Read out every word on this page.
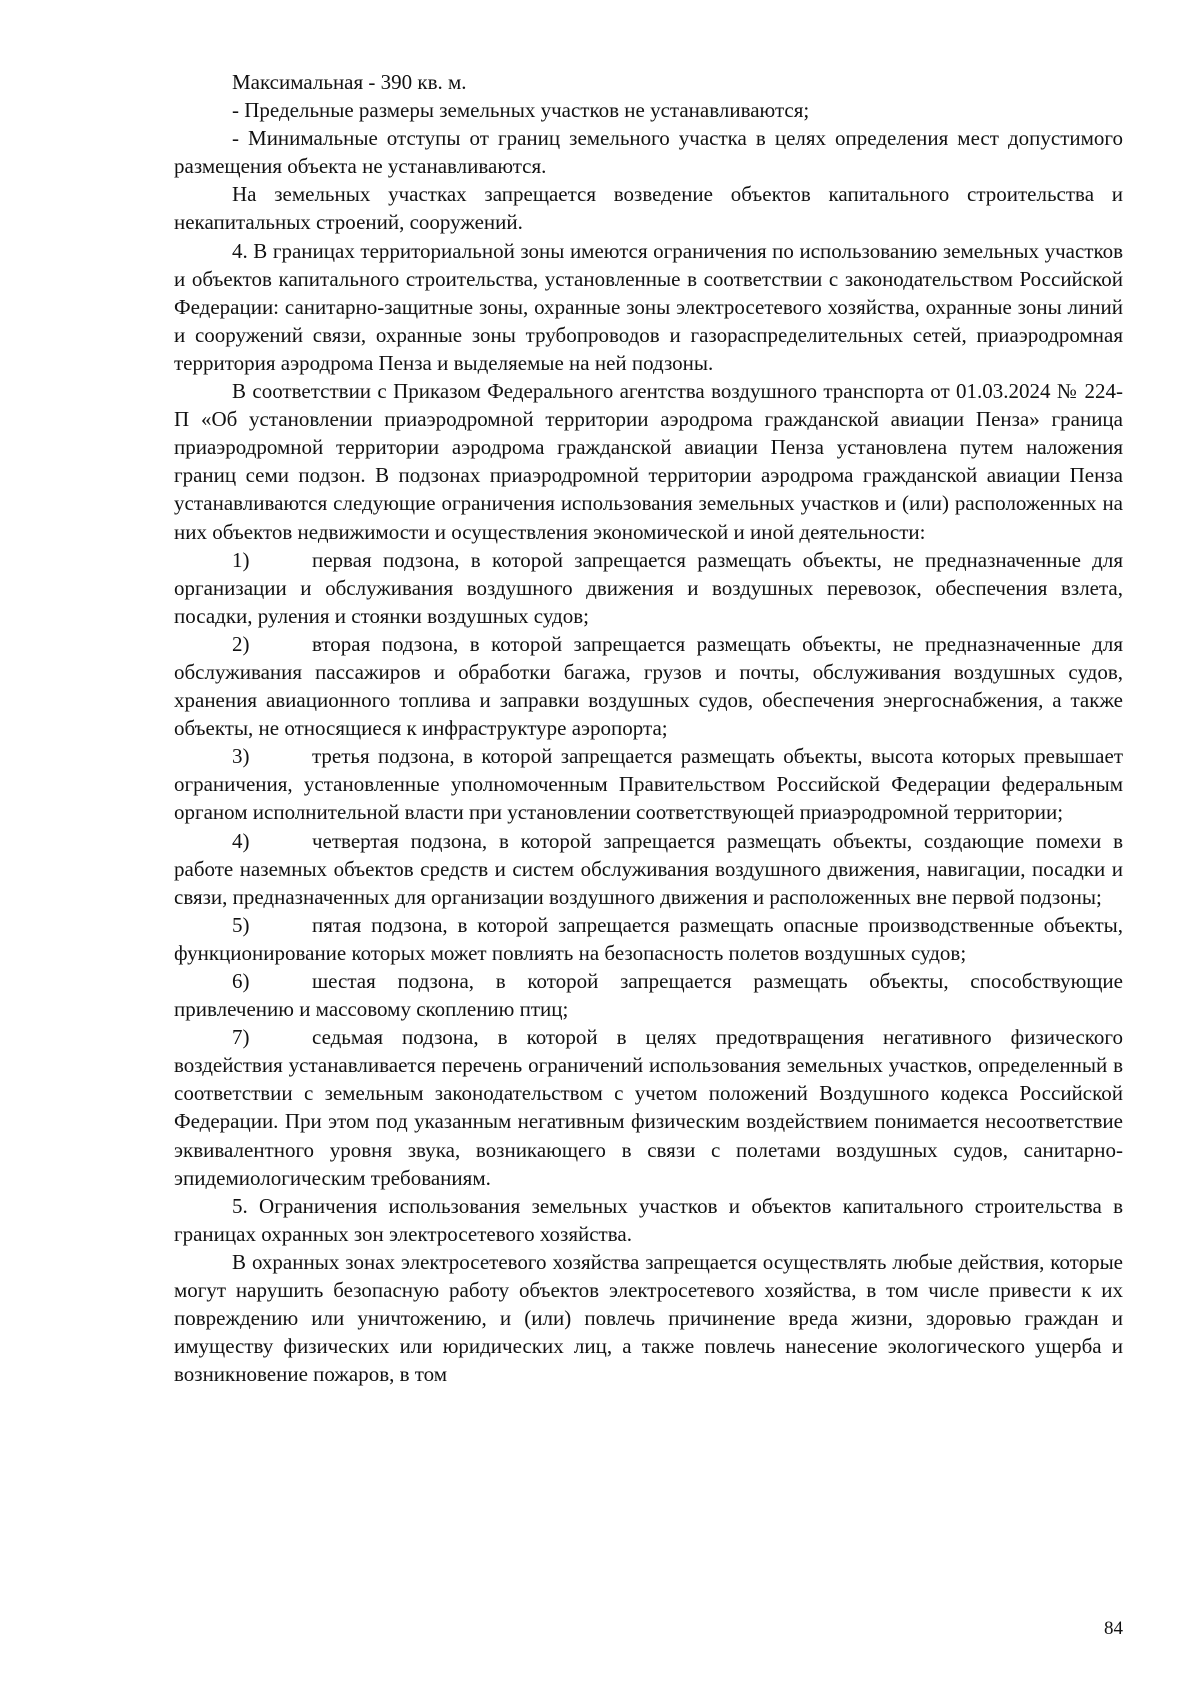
Максимальная - 390 кв. м.

- Предельные размеры земельных участков не устанавливаются;

- Минимальные отступы от границ земельного участка в целях определения мест допустимого размещения объекта не устанавливаются.

На земельных участках запрещается возведение объектов капитального строительства и некапитальных строений, сооружений.

4. В границах территориальной зоны имеются ограничения по использованию земельных участков и объектов капитального строительства, установленные в соответствии с законодательством Российской Федерации: санитарно-защитные зоны, охранные зоны электросетевого хозяйства, охранные зоны линий и сооружений связи, охранные зоны трубопроводов и газораспределительных сетей, приаэродромная территория аэродрома Пенза и выделяемые на ней подзоны.

В соответствии с Приказом Федерального агентства воздушного транспорта от 01.03.2024 № 224-П «Об установлении приаэродромной территории аэродрома гражданской авиации Пенза» граница приаэродромной территории аэродрома гражданской авиации Пенза установлена путем наложения границ семи подзон. В подзонах приаэродромной территории аэродрома гражданской авиации Пенза устанавливаются следующие ограничения использования земельных участков и (или) расположенных на них объектов недвижимости и осуществления экономической и иной деятельности:

1)	первая подзона, в которой запрещается размещать объекты, не предназначенные для организации и обслуживания воздушного движения и воздушных перевозок, обеспечения взлета, посадки, руления и стоянки воздушных судов;

2)	вторая подзона, в которой запрещается размещать объекты, не предназначенные для обслуживания пассажиров и обработки багажа, грузов и почты, обслуживания воздушных судов, хранения авиационного топлива и заправки воздушных судов, обеспечения энергоснабжения, а также объекты, не относящиеся к инфраструктуре аэропорта;

3)	третья подзона, в которой запрещается размещать объекты, высота которых превышает ограничения, установленные уполномоченным Правительством Российской Федерации федеральным органом исполнительной власти при установлении соответствующей приаэродромной территории;

4)	четвертая подзона, в которой запрещается размещать объекты, создающие помехи в работе наземных объектов средств и систем обслуживания воздушного движения, навигации, посадки и связи, предназначенных для организации воздушного движения и расположенных вне первой подзоны;

5)	пятая подзона, в которой запрещается размещать опасные производственные объекты, функционирование которых может повлиять на безопасность полетов воздушных судов;

6)	шестая подзона, в которой запрещается размещать объекты, способствующие привлечению и массовому скоплению птиц;

7)	седьмая подзона, в которой в целях предотвращения негативного физического воздействия устанавливается перечень ограничений использования земельных участков, определенный в соответствии с земельным законодательством с учетом положений Воздушного кодекса Российской Федерации. При этом под указанным негативным физическим воздействием понимается несоответствие эквивалентного уровня звука, возникающего в связи с полетами воздушных судов, санитарно-эпидемиологическим требованиям.

5. Ограничения использования земельных участков и объектов капитального строительства в границах охранных зон электросетевого хозяйства.

В охранных зонах электросетевого хозяйства запрещается осуществлять любые действия, которые могут нарушить безопасную работу объектов электросетевого хозяйства, в том числе привести к их повреждению или уничтожению, и (или) повлечь причинение вреда жизни, здоровью граждан и имуществу физических или юридических лиц, а также повлечь нанесение экологического ущерба и возникновение пожаров, в том

84
